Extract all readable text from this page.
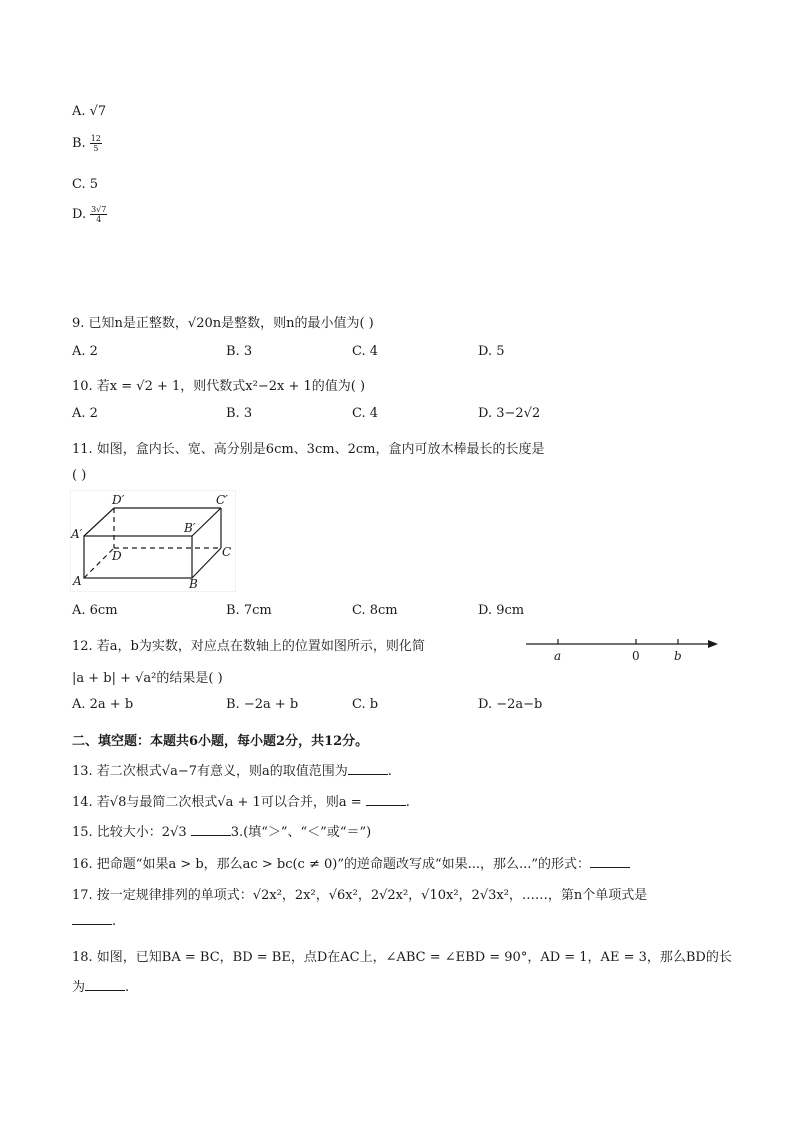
A. √7
B. $\frac{12}{5}$
C. 5
D. $\frac{3√7}{4}$
9. 已知n是正整数，√20n是整数，则n的最小值为( )
A. 2	B. 3	C. 4	D. 5
10. 若x = √2 + 1，则代数式x²−2x + 1的值为( )
A. 2	B. 3	C. 4	D. 3−2√2
11. 如图，盒内长、宽、高分别是6cm、3cm、2cm，盒内可放木棒最长的长度是
( )
D′	C′
A′	B′
D	C
A	B
A. 6cm	B. 7cm	C. 8cm	D. 9cm
12. 若a，b为实数，对应点在数轴上的位置如图所示，则化简
|a + b| + √a²的结果是( )
a	0	b
A. 2a + b	B. −2a + b	C. b	D. −2a−b
二、填空题：本题共6小题，每小题2分，共12分。
13. 若二次根式√a−7有意义，则a的取值范围为	.
14. 若√8与最简二次根式√a + 1可以合并，则a =	.
15. 比较大小：2√3	3.(填“＞”、“＜”或“＝”)
16. 把命题“如果a > b，那么ac > bc(c ≠ 0)”的逆命题改写成“如果...，那么...”的形式：
17. 按一定规律排列的单项式：√2x²，2x²，√6x²，2√2x²，√10x²，2√3x²，……，第n个单项式是
.
18. 如图，已知BA = BC，BD = BE，点D在AC上，∠ABC = ∠EBD = 90°，AD = 1，AE = 3，那么BD的长
为	.
